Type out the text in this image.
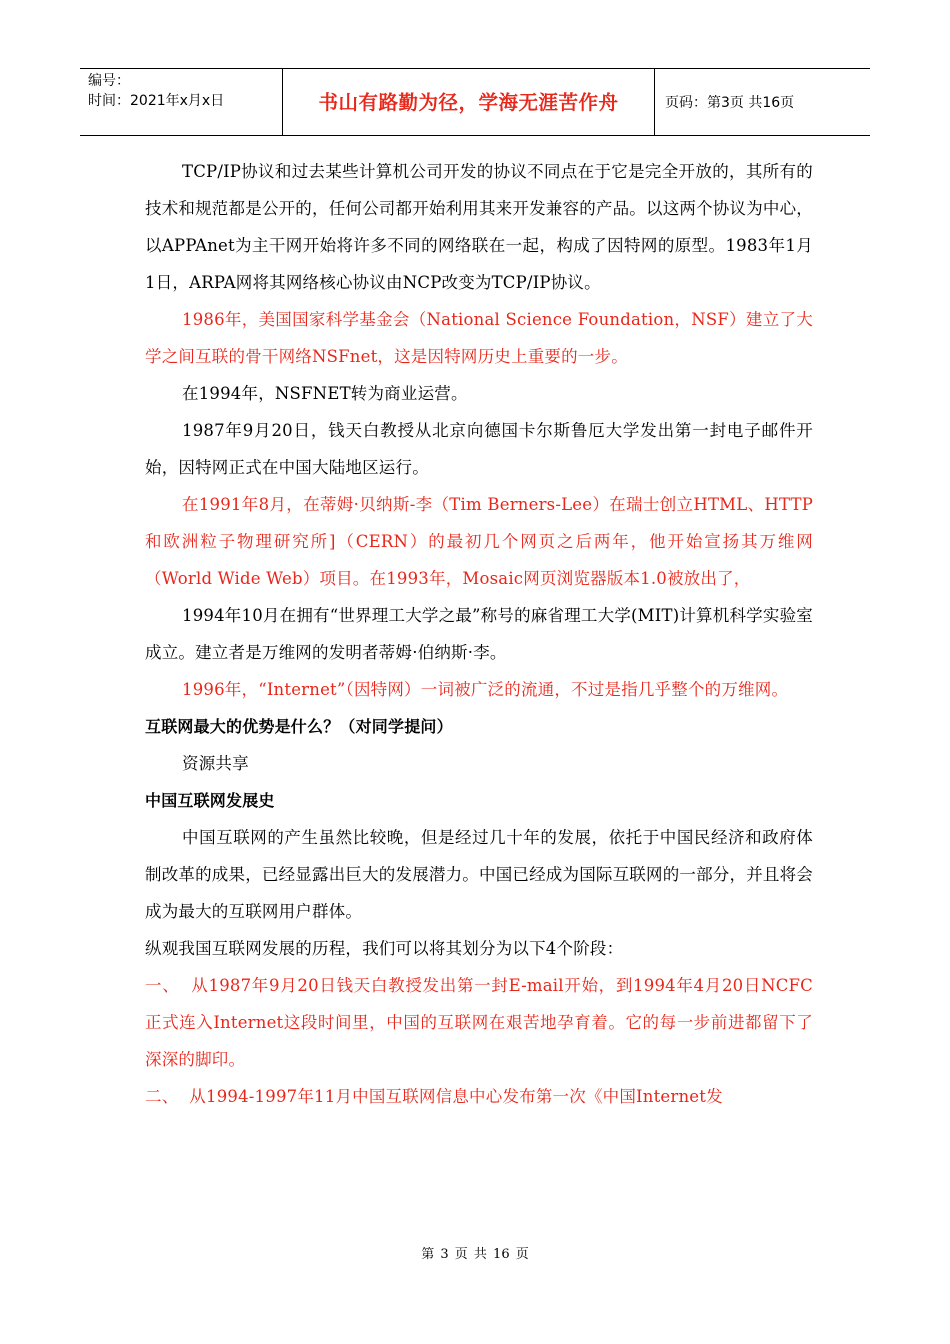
编号：
时间：2021年x月x日	书山有路勤为径，学海无涯苦作舟	页码：第3页 共16页

TCP/IP协议和过去某些计算机公司开发的协议不同点在于它是完全开放的，其所有的技术和规范都是公开的，任何公司都开始利用其来开发兼容的产品。以这两个协议为中心，以APPAnet为主干网开始将许多不同的网络联在一起，构成了因特网的原型。1983年1月1日，ARPA网将其网络核心协议由NCP改变为TCP/IP协议。

1986年，美国国家科学基金会（National Science Foundation，NSF）建立了大学之间互联的骨干网络NSFnet，这是因特网历史上重要的一步。

在1994年，NSFNET转为商业运营。

1987年9月20日，钱天白教授从北京向德国卡尔斯鲁厄大学发出第一封电子邮件开始，因特网正式在中国大陆地区运行。

在1991年8月，在蒂姆·贝纳斯-李（Tim Berners-Lee）在瑞士创立HTML、HTTP和欧洲粒子物理研究所]（CERN）的最初几个网页之后两年，他开始宣扬其万维网（World Wide Web）项目。在1993年，Mosaic网页浏览器版本1.0被放出了，

1994年10月在拥有“世界理工大学之最”称号的麻省理工大学(MIT)计算机科学实验室成立。建立者是万维网的发明者蒂姆·伯纳斯·李。

1996年，“Internet”（因特网）一词被广泛的流通，不过是指几乎整个的万维网。

互联网最大的优势是什么？（对同学提问）

资源共享

中国互联网发展史

中国互联网的产生虽然比较晚，但是经过几十年的发展，依托于中国民经济和政府体制改革的成果，已经显露出巨大的发展潜力。中国已经成为国际互联网的一部分，并且将会成为最大的互联网用户群体。

纵观我国互联网发展的历程，我们可以将其划分为以下4个阶段：

一、  从1987年9月20日钱天白教授发出第一封E-mail开始，到1994年4月20日NCFC正式连入Internet这段时间里，中国的互联网在艰苦地孕育着。它的每一步前进都留下了深深的脚印。

二、  从1994-1997年11月中国互联网信息中心发布第一次《中国Internet发

第 3 页 共 16 页
